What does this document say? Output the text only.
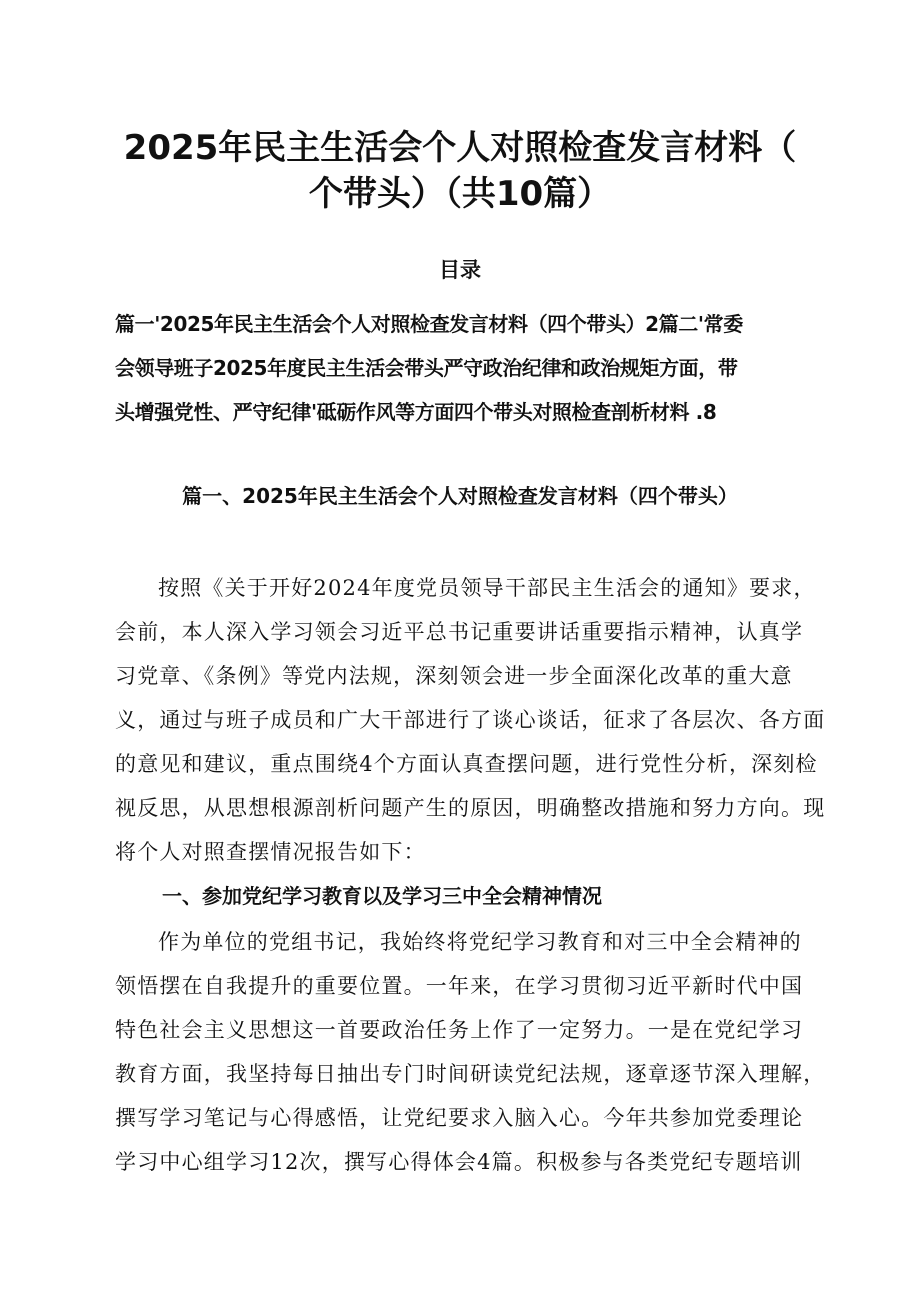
2025年民主生活会个人对照检查发言材料（
个带头）（共10篇）
目录
篇一'2025年民主生活会个人对照检查发言材料（四个带头）2篇二'常委
会领导班子2025年度民主生活会带头严守政治纪律和政治规矩方面，带
头增强党性、严守纪律'砥砺作风等方面四个带头对照检查剖析材料 .8
篇一、2025年民主生活会个人对照检查发言材料（四个带头）
按照《关于开好2024年度党员领导干部民主生活会的通知》要求，
会前，本人深入学习领会习近平总书记重要讲话重要指示精神，认真学
习党章、《条例》等党内法规，深刻领会进一步全面深化改革的重大意
义，通过与班子成员和广大干部进行了谈心谈话，征求了各层次、各方面
的意见和建议，重点围绕4个方面认真查摆问题，进行党性分析，深刻检
视反思，从思想根源剖析问题产生的原因，明确整改措施和努力方向。现
将个人对照查摆情况报告如下：
一、参加党纪学习教育以及学习三中全会精神情况
作为单位的党组书记，我始终将党纪学习教育和对三中全会精神的
领悟摆在自我提升的重要位置。一年来，在学习贯彻习近平新时代中国
特色社会主义思想这一首要政治任务上作了一定努力。一是在党纪学习
教育方面，我坚持每日抽出专门时间研读党纪法规，逐章逐节深入理解，
撰写学习笔记与心得感悟，让党纪要求入脑入心。今年共参加党委理论
学习中心组学习12次，撰写心得体会4篇。积极参与各类党纪专题培训
